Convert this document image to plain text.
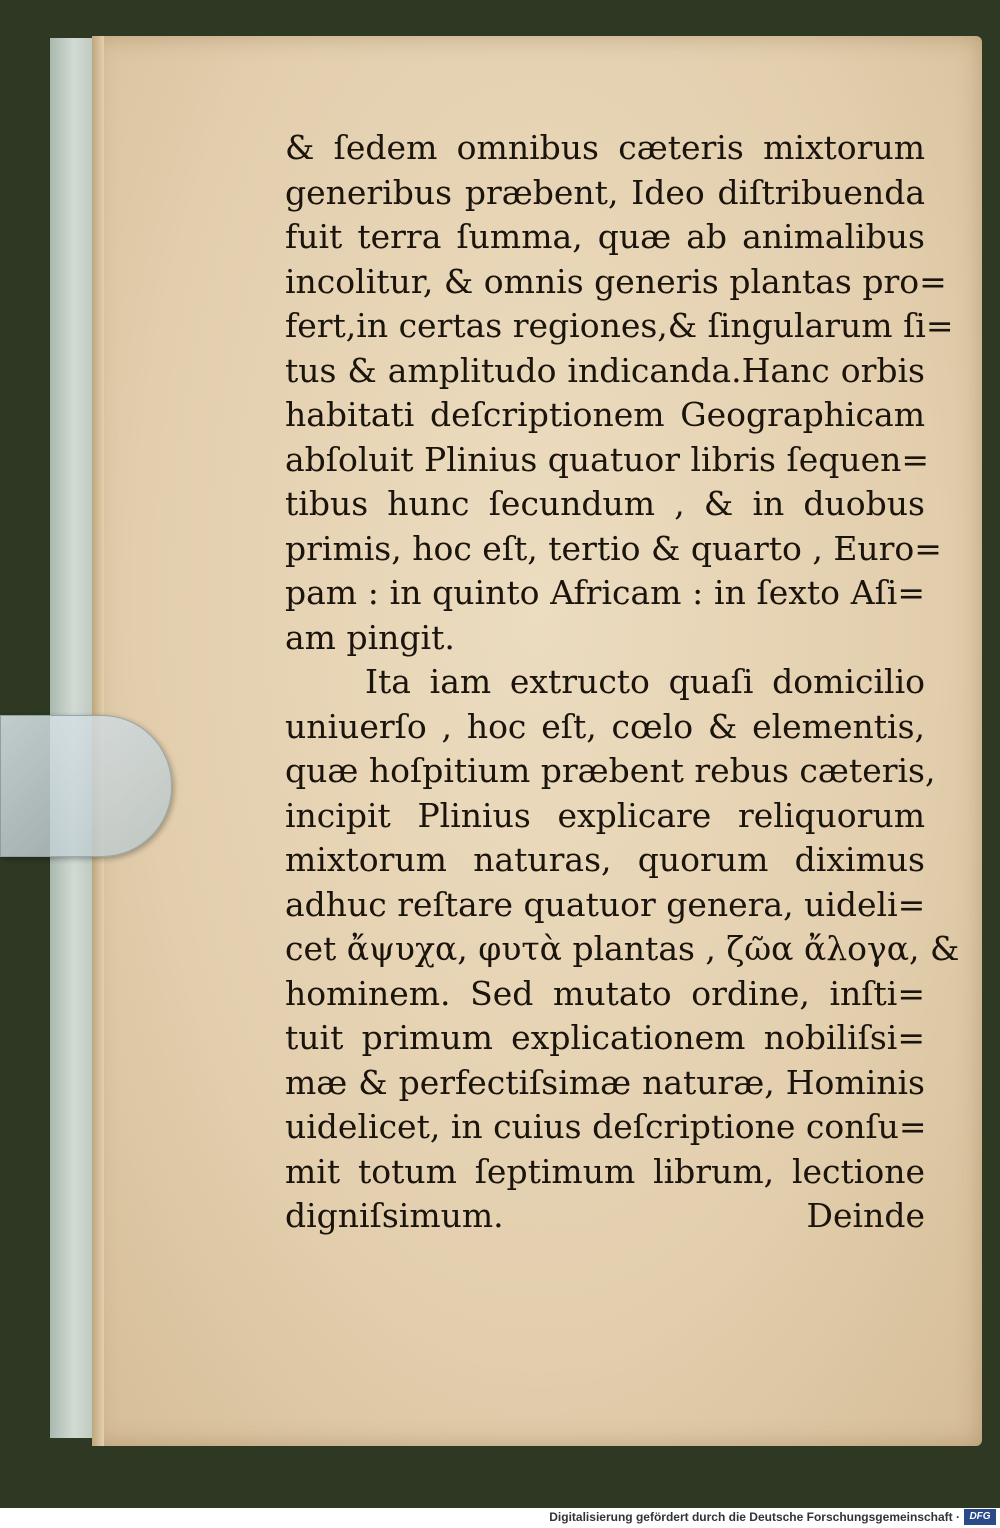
& ſedem omnibus cæteris mixtorum
generibus præbent, Ideo diſtribuenda
fuit terra ſumma, quæ ab animalibus
incolitur, & omnis generis plantas pro=
fert,in certas regiones,& ſingularum ſi=
tus & amplitudo indicanda.Hanc orbis
habitati deſcriptionem Geographicam
abſoluit Plinius quatuor libris ſequen=
tibus hunc ſecundum , & in duobus
primis, hoc eſt, tertio & quarto , Euro=
pam : in quinto Africam : in ſexto Aſi=
am pingit.
Ita iam extructo quaſi domicilio
uniuerſo , hoc eſt, cœlo & elementis,
quæ hoſpitium præbent rebus cæteris,
incipit Plinius explicare reliquorum
mixtorum naturas, quorum diximus
adhuc reſtare quatuor genera, uideli=
cet ἄψυχα, φυτὰ plantas , ζῶα ἄλογα, &
hominem. Sed mutato ordine, inſti=
tuit primum explicationem nobiliſsi=
mæ & perfectiſsimæ naturæ, Hominis
uidelicet, in cuius deſcriptione conſu=
mit totum ſeptimum librum, lectione
digniſsimum.	Deinde
Digitalisierung gefördert durch die Deutsche Forschungsgemeinschaft · DFG
